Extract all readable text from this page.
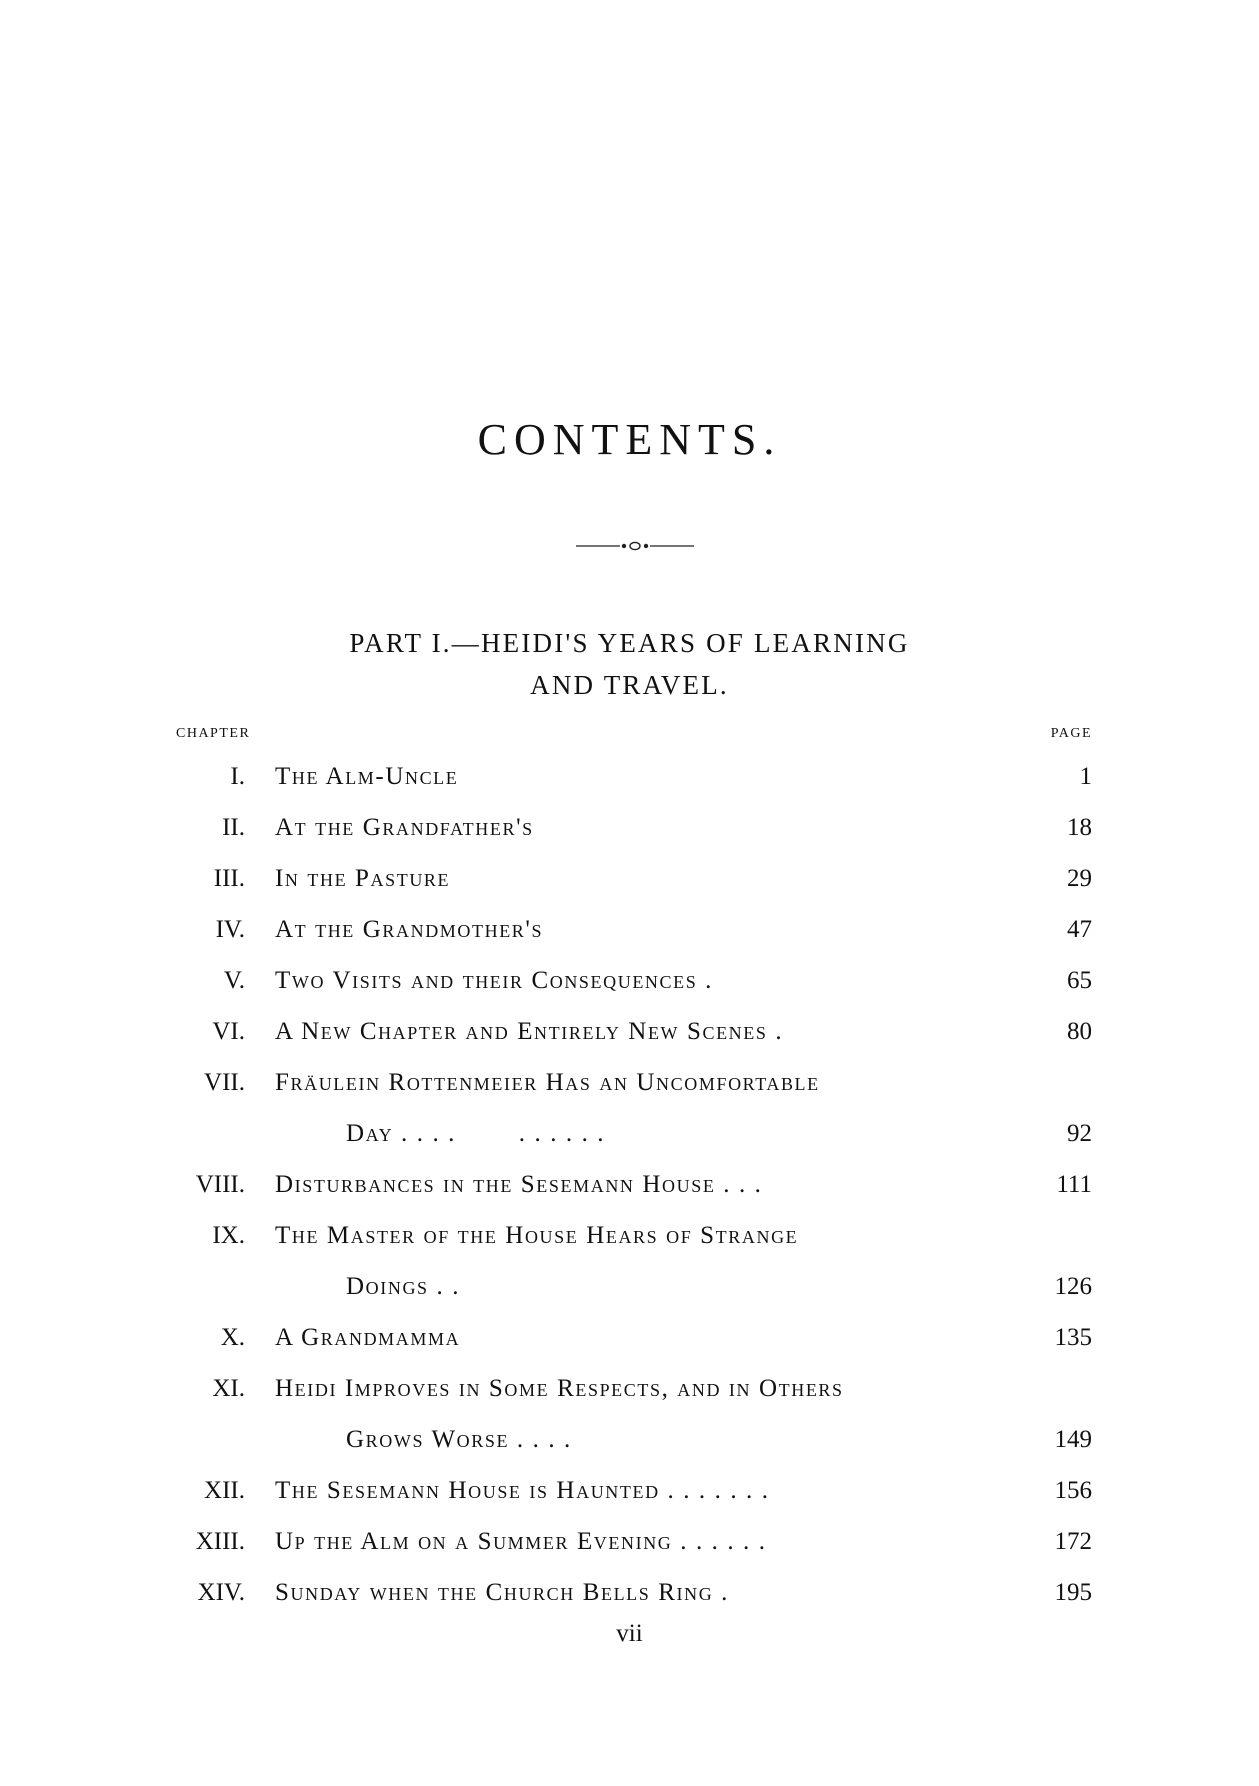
CONTENTS.
PART I.—HEIDI'S YEARS OF LEARNING
AND TRAVEL.
CHAPTER	PAGE
I. The Alm-Uncle	1
II. At the Grandfather's	18
III. In the Pasture	29
IV. At the Grandmother's	47
V. Two Visits and their Consequences .	65
VI. A New Chapter and Entirely New Scenes .	80
VII. Fräulein Rottenmeier Has an Uncomfortable
Day . . . .        . . . . . .	92
VIII. Disturbances in the Sesemann House . . .	111
IX. The Master of the House Hears of Strange
Doings . .	126
X. A Grandmamma	135
XI. Heidi Improves in Some Respects, and in Others
Grows Worse . . . .	149
XII. The Sesemann House is Haunted . . . . . . .	156
XIII. Up the Alm on a Summer Evening . . . . . .	172
XIV. Sunday when the Church Bells Ring .	195
vii
